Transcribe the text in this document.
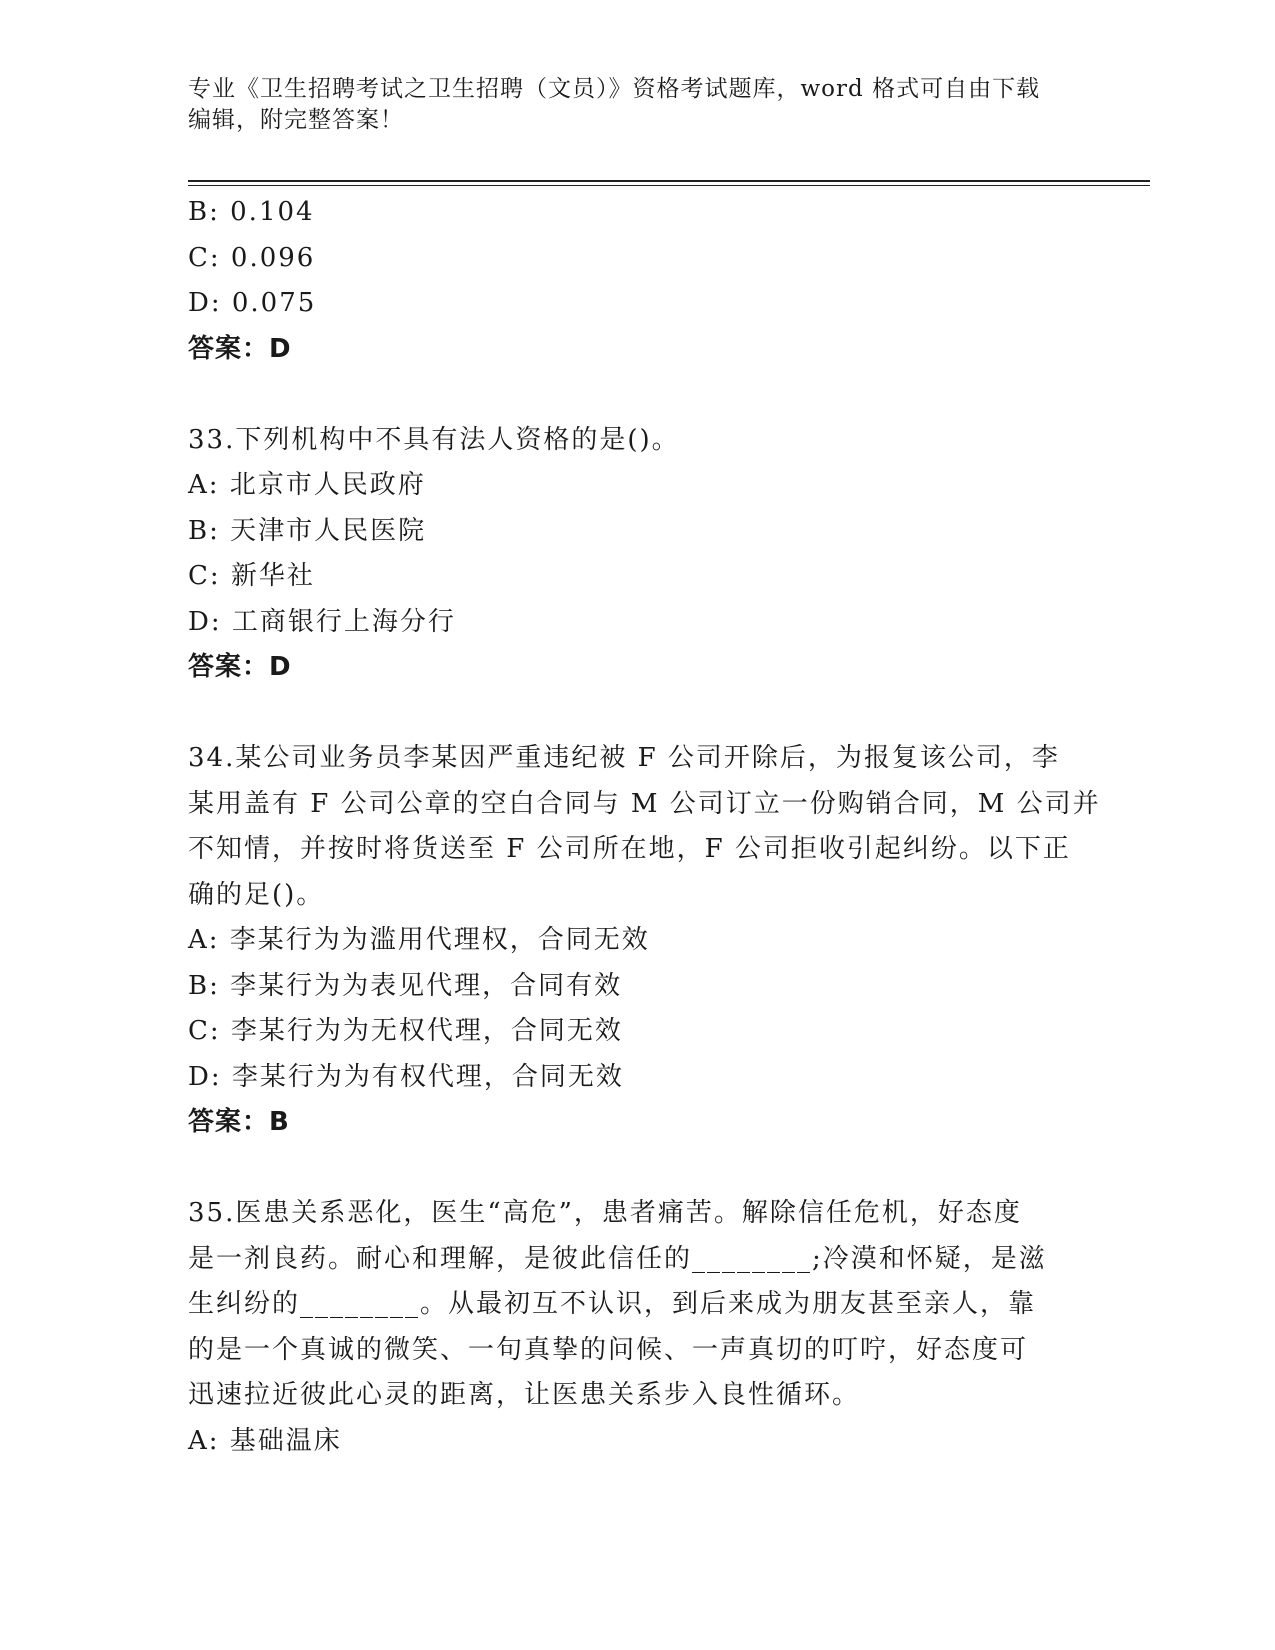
专业《卫生招聘考试之卫生招聘（文员）》资格考试题库，word 格式可自由下载
编辑，附完整答案！
B: 0.104
C: 0.096
D: 0.075
答案：D
33.下列机构中不具有法人资格的是()。
A: 北京市人民政府
B: 天津市人民医院
C: 新华社
D: 工商银行上海分行
答案：D
34.某公司业务员李某因严重违纪被 F 公司开除后，为报复该公司，李
某用盖有 F 公司公章的空白合同与 M 公司订立一份购销合同，M 公司并
不知情，并按时将货送至 F 公司所在地，F 公司拒收引起纠纷。以下正
确的足()。
A: 李某行为为滥用代理权，合同无效
B: 李某行为为表见代理，合同有效
C: 李某行为为无权代理，合同无效
D: 李某行为为有权代理，合同无效
答案：B
35.医患关系恶化，医生“高危”，患者痛苦。解除信任危机，好态度
是一剂良药。耐心和理解，是彼此信任的________;冷漠和怀疑，是滋
生纠纷的________。从最初互不认识，到后来成为朋友甚至亲人，靠
的是一个真诚的微笑、一句真挚的问候、一声真切的叮咛，好态度可
迅速拉近彼此心灵的距离，让医患关系步入良性循环。
A: 基础温床
